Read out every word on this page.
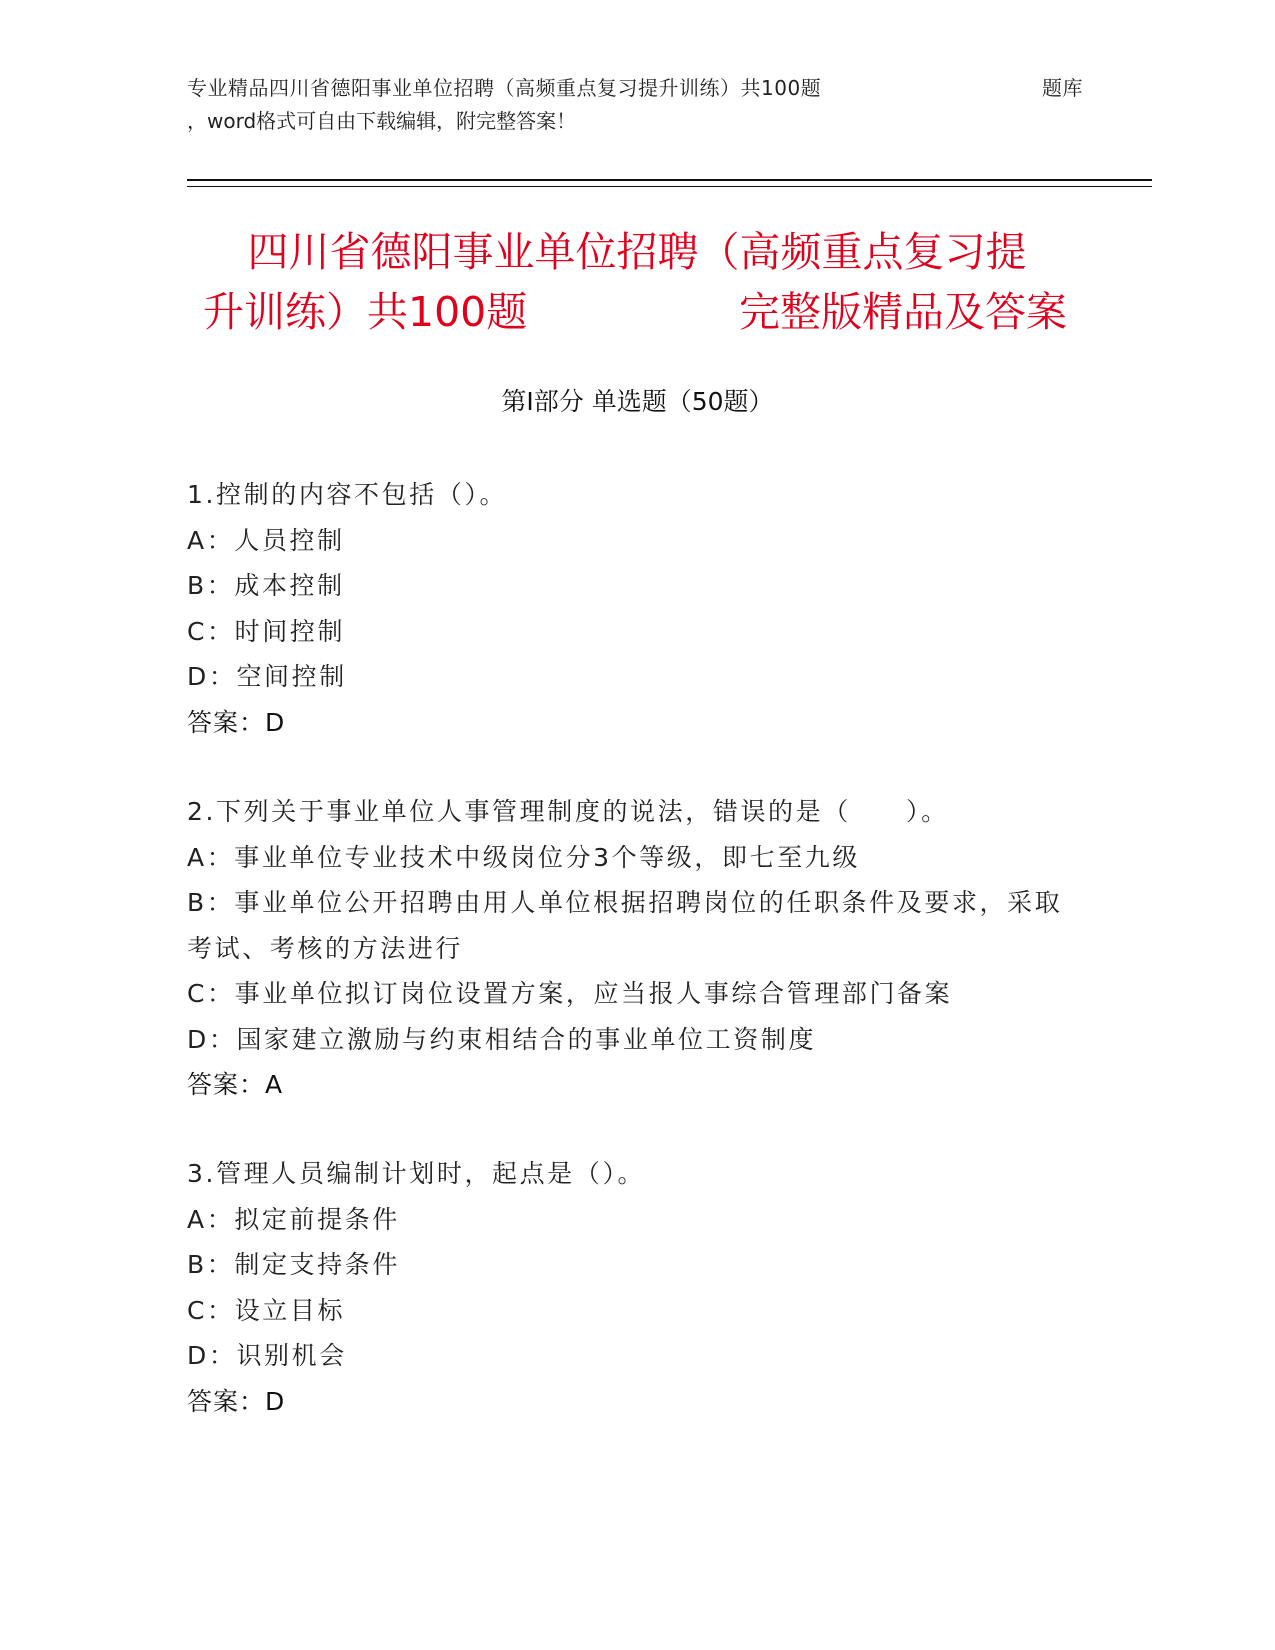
专业精品四川省德阳事业单位招聘（高频重点复习提升训练）共100题	题库
，word格式可自由下载编辑，附完整答案！
四川省德阳事业单位招聘（高频重点复习提
升训练）共100题	完整版精品及答案
第Ⅰ部分 单选题（50题）
1.控制的内容不包括（）。
A：人员控制
B：成本控制
C：时间控制
D：空间控制
答案：D
2.下列关于事业单位人事管理制度的说法，错误的是（　　）。
A：事业单位专业技术中级岗位分3个等级，即七至九级
B：事业单位公开招聘由用人单位根据招聘岗位的任职条件及要求，采取考试、考核的方法进行
C：事业单位拟订岗位设置方案，应当报人事综合管理部门备案
D：国家建立激励与约束相结合的事业单位工资制度
答案：A
3.管理人员编制计划时，起点是（）。
A：拟定前提条件
B：制定支持条件
C：设立目标
D：识别机会
答案：D
